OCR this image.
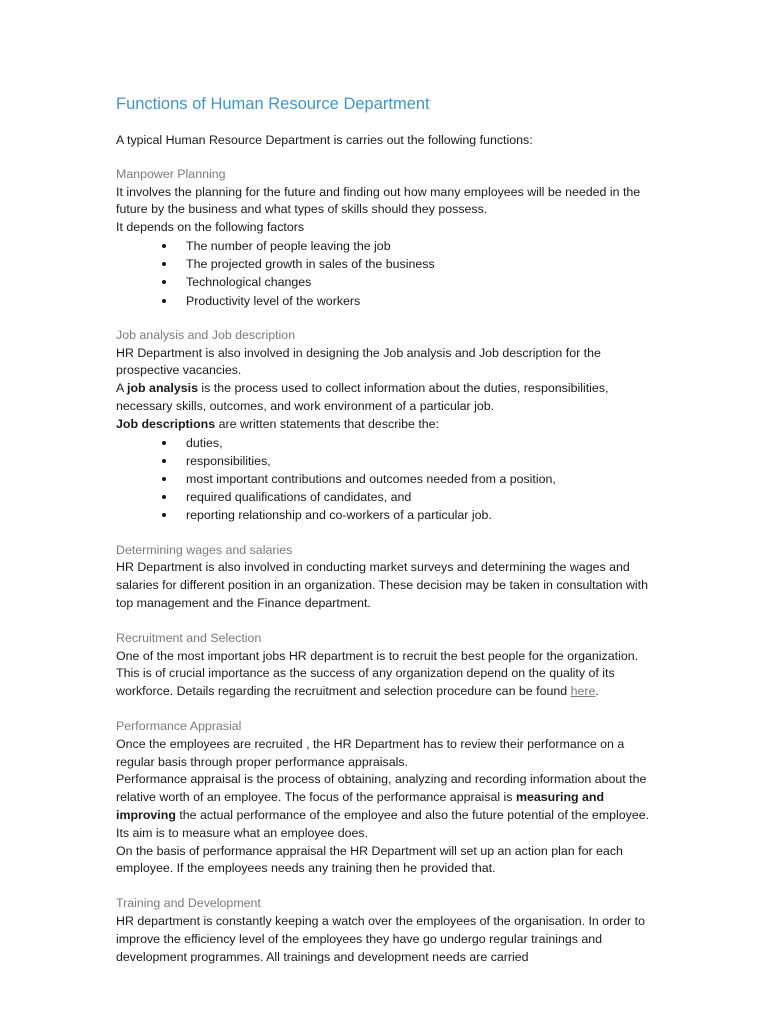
Functions of Human Resource Department

A typical Human Resource Department is carries out the following functions:

Manpower Planning

It involves the planning for the future and finding out how many employees will be needed in the future by the business and what types of skills should they possess.

It depends on the following factors

The number of people leaving the job
The projected growth in sales of the business
Technological changes
Productivity level of the workers
Job analysis and Job description

HR Department is also involved in designing the Job analysis and Job description for the prospective vacancies.

A job analysis is the process used to collect information about the duties, responsibilities, necessary skills, outcomes, and work environment of a particular job.

Job descriptions are written statements that describe the:

duties,
responsibilities,
most important contributions and outcomes needed from a position,
required qualifications of candidates, and
reporting relationship and co-workers of a particular job.
Determining wages and salaries

HR Department is also involved in conducting market surveys and determining the wages and salaries for different position in an organization. These decision may be taken in consultation with top management and the Finance department.

Recruitment and Selection

One of the most important jobs HR department is to recruit the best people for the organization. This is of crucial importance as the success of any organization depend on the quality of its workforce. Details regarding the recruitment and selection procedure can be found here.

Performance Apprasial

Once the employees are recruited , the HR Department has to review their performance on a regular basis through proper performance appraisals.

Performance appraisal is the process of obtaining, analyzing and recording information about the relative worth of an employee. The focus of the performance appraisal is measuring and improving the actual performance of the employee and also the future potential of the employee. Its aim is to measure what an employee does.

On the basis of performance appraisal the HR Department will set up an action plan for each employee. If the employees needs any training then he provided that.

Training and Development

HR department is constantly keeping a watch over the employees of the organisation. In order to improve the efficiency level of the employees they have go undergo regular trainings and development programmes. All trainings and development needs are carried
